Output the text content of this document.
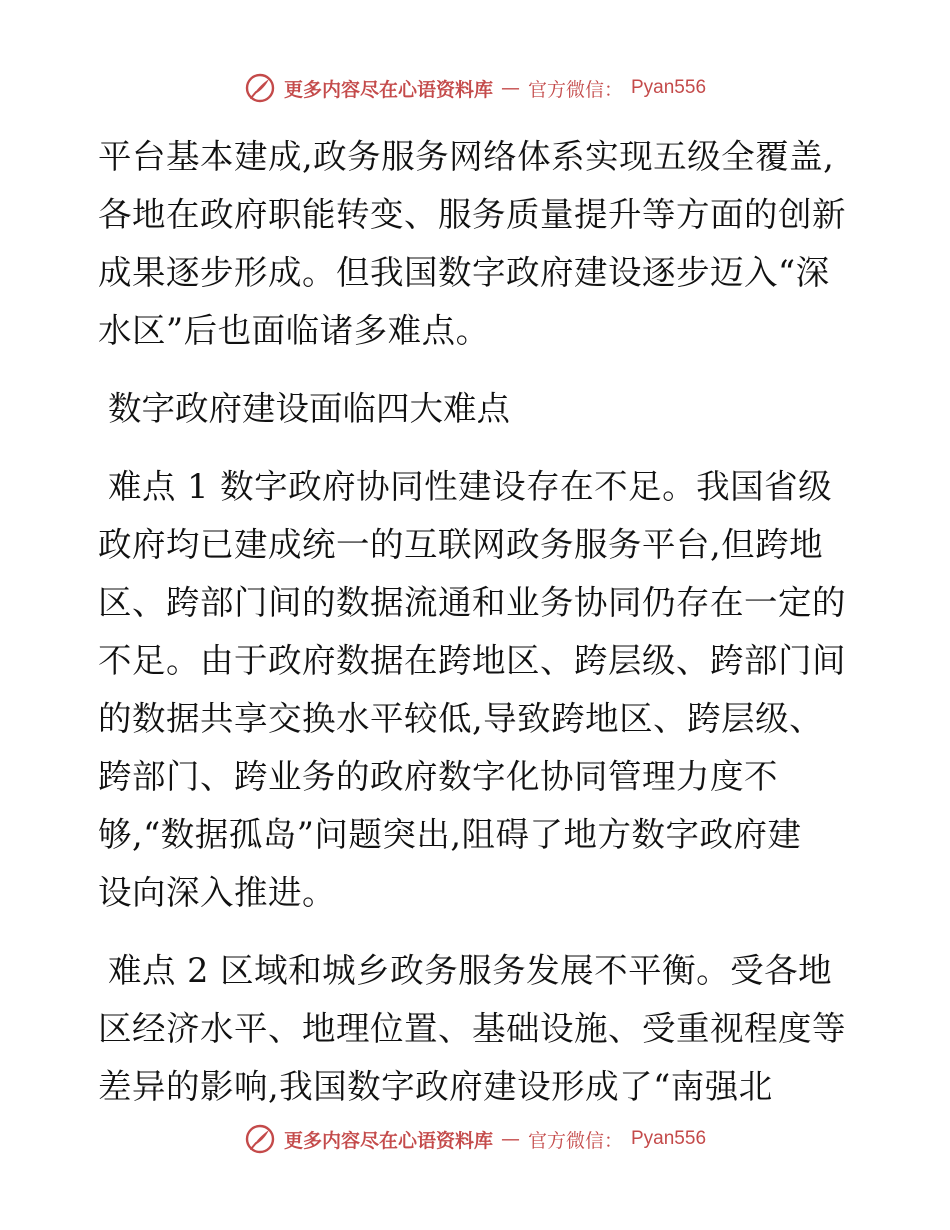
更多内容尽在心语资料库 — 官方微信： Pyan556

平台基本建成,政务服务网络体系实现五级全覆盖,
各地在政府职能转变、服务质量提升等方面的创新
成果逐步形成。但我国数字政府建设逐步迈入“深
水区”后也面临诸多难点。

数字政府建设面临四大难点

难点 1 数字政府协同性建设存在不足。我国省级
政府均已建成统一的互联网政务服务平台,但跨地
区、跨部门间的数据流通和业务协同仍存在一定的
不足。由于政府数据在跨地区、跨层级、跨部门间
的数据共享交换水平较低,导致跨地区、跨层级、
跨部门、跨业务的政府数字化协同管理力度不
够,“数据孤岛”问题突出,阻碍了地方数字政府建
设向深入推进。

难点 2 区域和城乡政务服务发展不平衡。受各地
区经济水平、地理位置、基础设施、受重视程度等
差异的影响,我国数字政府建设形成了“南强北

更多内容尽在心语资料库 — 官方微信： Pyan556
